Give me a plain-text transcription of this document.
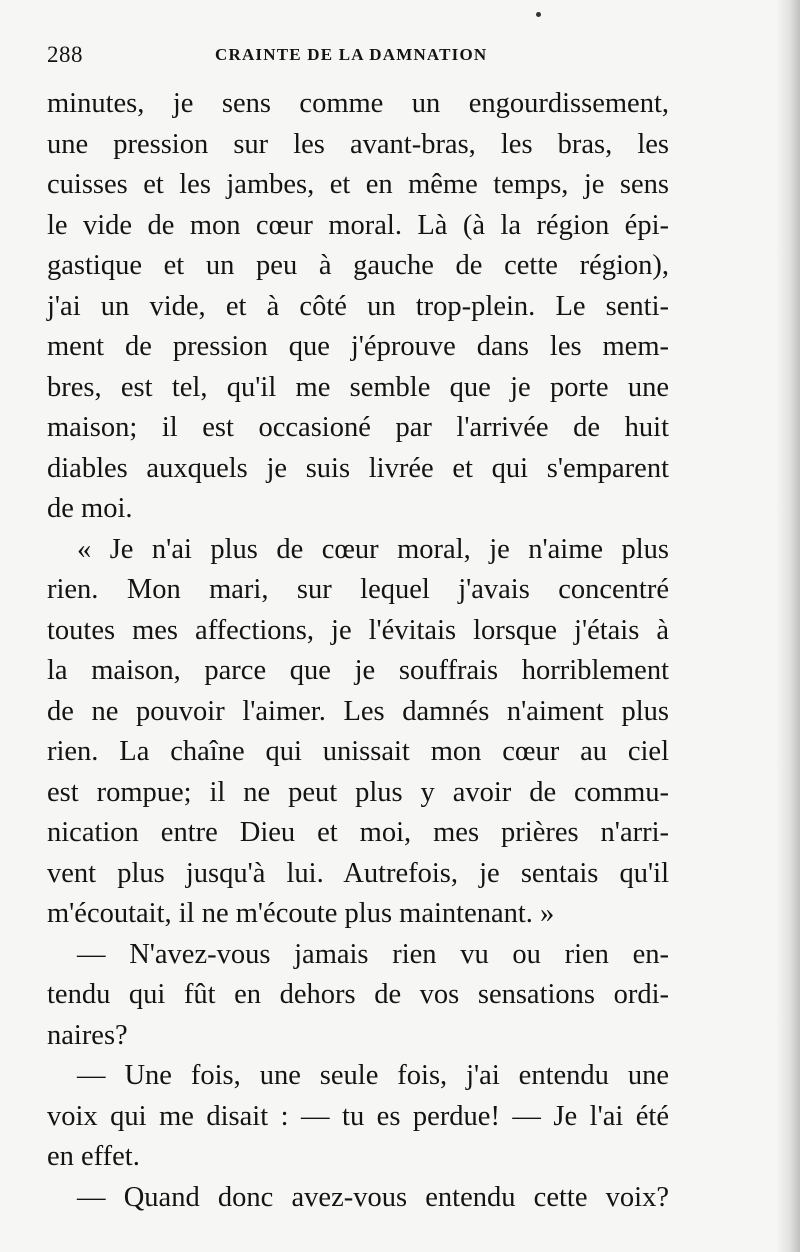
288	CRAINTE DE LA DAMNATION
minutes, je sens comme un engourdissement,
une pression sur les avant-bras, les bras, les
cuisses et les jambes, et en même temps, je sens
le vide de mon cœur moral. Là (à la région épi-
gastique et un peu à gauche de cette région),
j'ai un vide, et à côté un trop-plein. Le senti-
ment de pression que j'éprouve dans les mem-
bres, est tel, qu'il me semble que je porte une
maison; il est occasioné par l'arrivée de huit
diables auxquels je suis livrée et qui s'emparent
de moi.
« Je n'ai plus de cœur moral, je n'aime plus
rien. Mon mari, sur lequel j'avais concentré
toutes mes affections, je l'évitais lorsque j'étais à
la maison, parce que je souffrais horriblement
de ne pouvoir l'aimer. Les damnés n'aiment plus
rien. La chaîne qui unissait mon cœur au ciel
est rompue; il ne peut plus y avoir de commu-
nication entre Dieu et moi, mes prières n'arri-
vent plus jusqu'à lui. Autrefois, je sentais qu'il
m'écoutait, il ne m'écoute plus maintenant. »
— N'avez-vous jamais rien vu ou rien en-
tendu qui fût en dehors de vos sensations ordi-
naires?
— Une fois, une seule fois, j'ai entendu une
voix qui me disait : — tu es perdue! — Je l'ai été
en effet.
— Quand donc avez-vous entendu cette voix?
